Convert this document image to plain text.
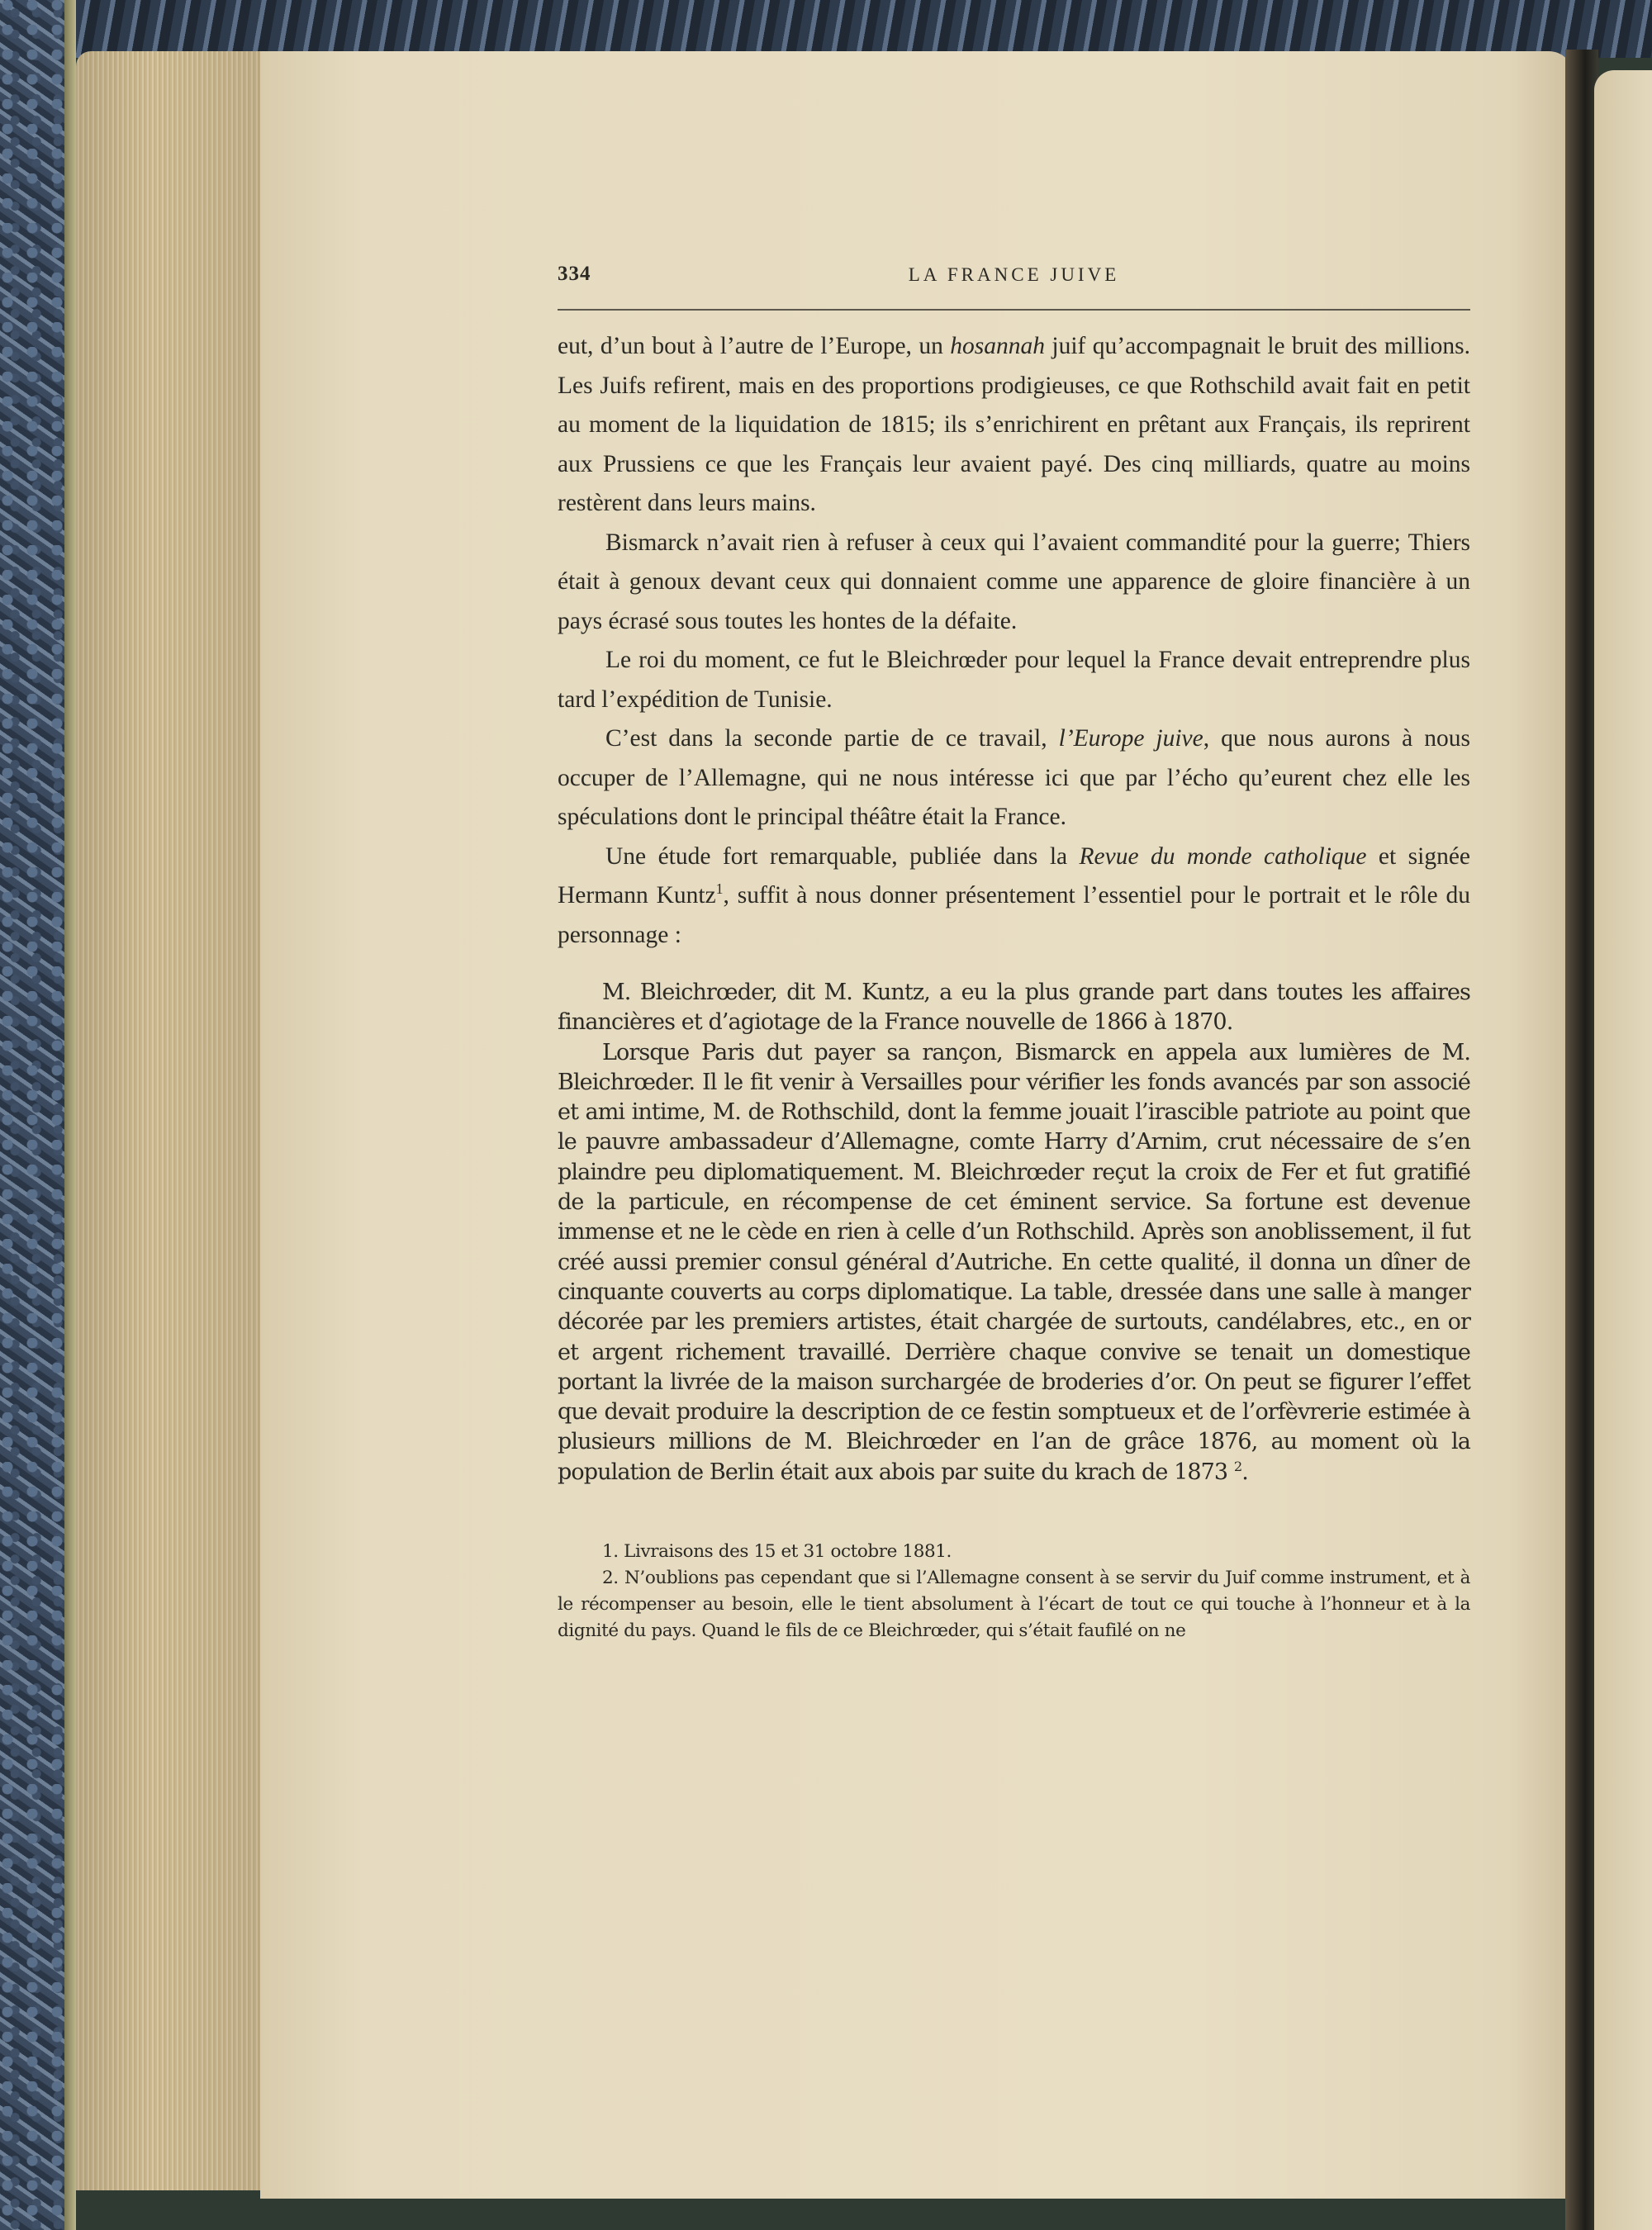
334	LA FRANCE JUIVE

eut, d’un bout à l’autre de l’Europe, un hosannah juif qu’accompagnait le bruit des millions. Les Juifs refirent, mais en des proportions prodigieuses, ce que Rothschild avait fait en petit au moment de la liquidation de 1815; ils s’enrichirent en prêtant aux Français, ils reprirent aux Prussiens ce que les Français leur avaient payé. Des cinq milliards, quatre au moins restèrent dans leurs mains.

Bismarck n’avait rien à refuser à ceux qui l’avaient commandité pour la guerre; Thiers était à genoux devant ceux qui donnaient comme une apparence de gloire financière à un pays écrasé sous toutes les hontes de la défaite.

Le roi du moment, ce fut le Bleichrœder pour lequel la France devait entreprendre plus tard l’expédition de Tunisie.

C’est dans la seconde partie de ce travail, l’Europe juive, que nous aurons à nous occuper de l’Allemagne, qui ne nous intéresse ici que par l’écho qu’eurent chez elle les spéculations dont le principal théâtre était la France.

Une étude fort remarquable, publiée dans la Revue du monde catholique et signée Hermann Kuntz$^1$, suffit à nous donner présentement l’essentiel pour le portrait et le rôle du personnage :

M. Bleichrœder, dit M. Kuntz, a eu la plus grande part dans toutes les affaires financières et d’agiotage de la France nouvelle de 1866 à 1870.

Lorsque Paris dut payer sa rançon, Bismarck en appela aux lumières de M. Bleichrœder. Il le fit venir à Versailles pour vérifier les fonds avancés par son associé et ami intime, M. de Rothschild, dont la femme jouait l’irascible patriote au point que le pauvre ambassadeur d’Allemagne, comte Harry d’Arnim, crut nécessaire de s’en plaindre peu diplomatiquement. M. Bleichrœder reçut la croix de Fer et fut gratifié de la particule, en récompense de cet éminent service. Sa fortune est devenue immense et ne le cède en rien à celle d’un Rothschild. Après son anoblissement, il fut créé aussi premier consul général d’Autriche. En cette qualité, il donna un dîner de cinquante couverts au corps diplomatique. La table, dressée dans une salle à manger décorée par les premiers artistes, était chargée de surtouts, candélabres, etc., en or et argent richement travaillé. Derrière chaque convive se tenait un domestique portant la livrée de la maison surchargée de broderies d’or. On peut se figurer l’effet que devait produire la description de ce festin somptueux et de l’orfèvrerie estimée à plusieurs millions de M. Bleichrœder en l’an de grâce 1876, au moment où la population de Berlin était aux abois par suite du krach de 1873 $^2$.

1. Livraisons des 15 et 31 octobre 1881.

2. N’oublions pas cependant que si l’Allemagne consent à se servir du Juif comme instrument, et à le récompenser au besoin, elle le tient absolument à l’écart de tout ce qui touche à l’honneur et à la dignité du pays. Quand le fils de ce Bleichrœder, qui s’était faufilé on ne
